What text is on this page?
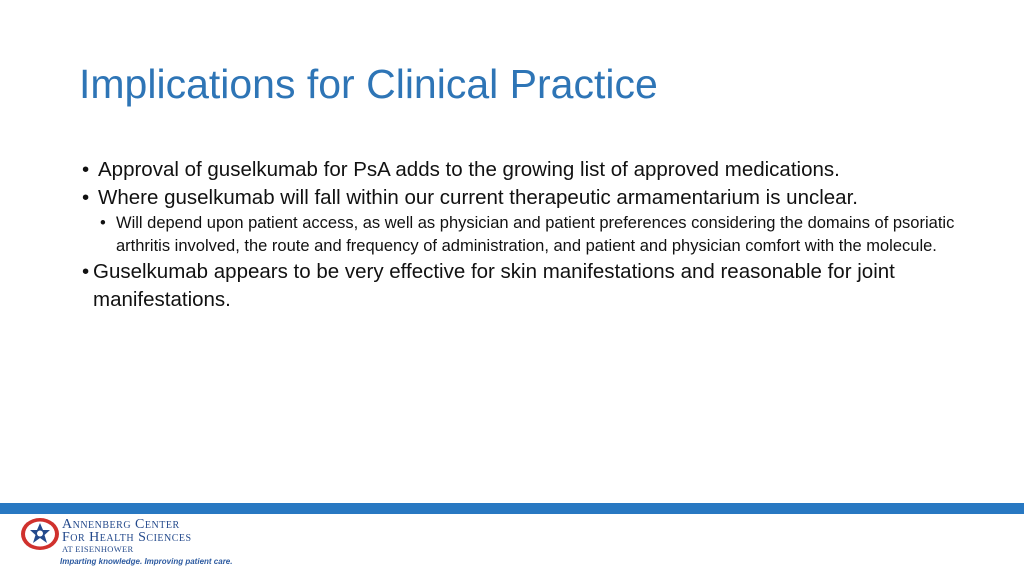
Implications for Clinical Practice
• Approval of guselkumab for PsA adds to the growing list of approved medications.
• Where guselkumab will fall within our current therapeutic armamentarium is unclear.
• Will depend upon patient access, as well as physician and patient preferences considering the domains of psoriatic arthritis involved, the route and frequency of administration, and patient and physician comfort with the molecule.
• Guselkumab appears to be very effective for skin manifestations and reasonable for joint manifestations.
Annenberg Center
For Health Sciences
AT EISENHOWER
Imparting knowledge. Improving patient care.
